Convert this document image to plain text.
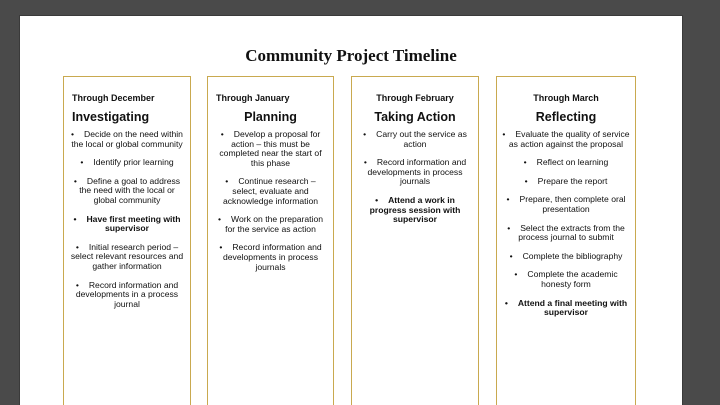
Community Project Timeline
Through December
Investigating
• Decide on the need within the local or global community
• Identify prior learning
• Define a goal to address the need with the local or global community
• Have first meeting with supervisor
• Initial research period – select relevant resources and gather information
• Record information and developments in a process journal
Through January
Planning
• Develop a proposal for action – this must be completed near the start of this phase
• Continue research – select, evaluate and acknowledge information
• Work on the preparation for the service as action
• Record information and developments in process journals
Through February
Taking Action
• Carry out the service as action
• Record information and developments in process journals
• Attend a work in progress session with supervisor
Through March
Reflecting
• Evaluate the quality of service as action against the proposal
• Reflect on learning
• Prepare the report
• Prepare, then complete oral presentation
• Select the extracts from the process journal to submit
• Complete the bibliography
• Complete the academic honesty form
• Attend a final meeting with supervisor
